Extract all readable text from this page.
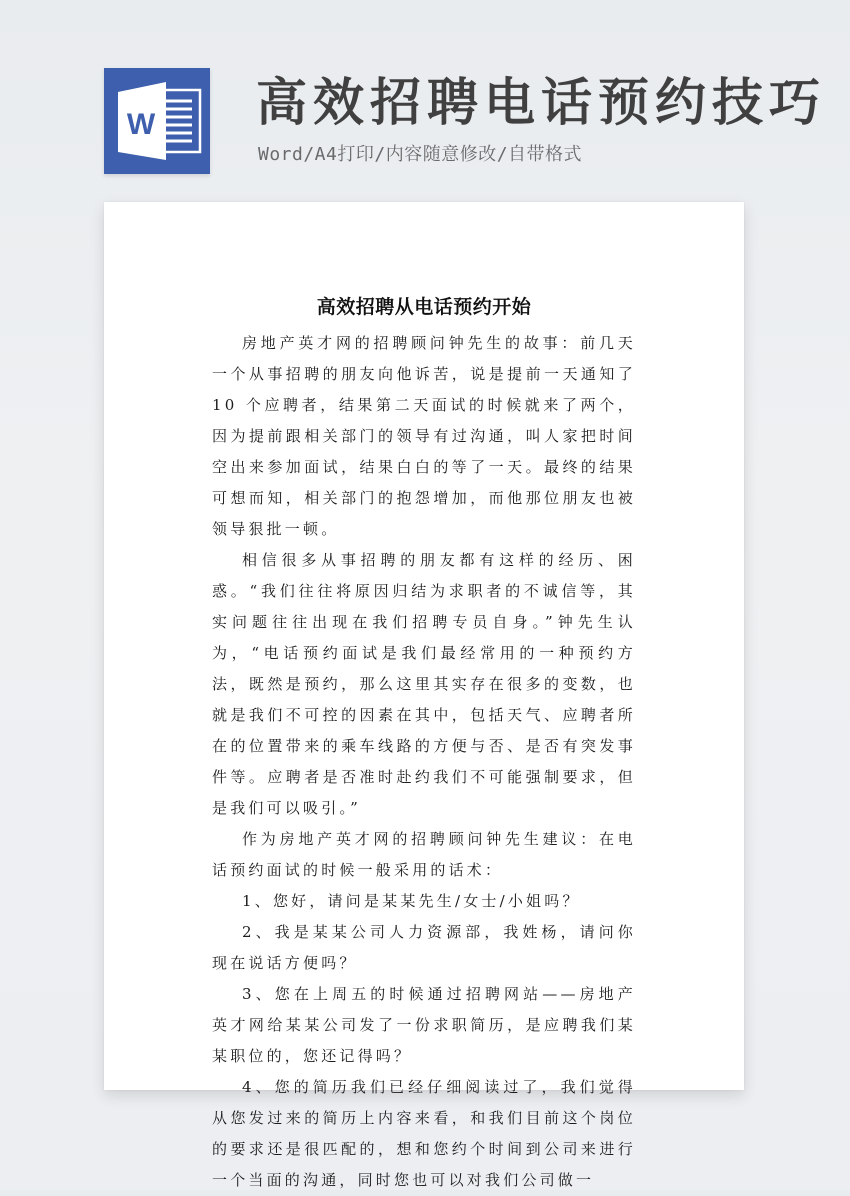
W 高效招聘电话预约技巧
Word/A4打印/内容随意修改/自带格式
高效招聘从电话预约开始

房地产英才网的招聘顾问钟先生的故事：前几天一个从事招聘的朋友向他诉苦，说是提前一天通知了 10 个应聘者，结果第二天面试的时候就来了两个，因为提前跟相关部门的领导有过沟通，叫人家把时间空出来参加面试，结果白白的等了一天。最终的结果可想而知，相关部门的抱怨增加，而他那位朋友也被领导狠批一顿。

相信很多从事招聘的朋友都有这样的经历、困惑。“我们往往将原因归结为求职者的不诚信等，其实问题往往出现在我们招聘专员自身。”钟先生认为，“电话预约面试是我们最经常用的一种预约方法，既然是预约，那么这里其实存在很多的变数，也就是我们不可控的因素在其中，包括天气、应聘者所在的位置带来的乘车线路的方便与否、是否有突发事件等。应聘者是否准时赴约我们不可能强制要求，但是我们可以吸引。”

作为房地产英才网的招聘顾问钟先生建议：在电话预约面试的时候一般采用的话术：

1、您好，请问是某某先生/女士/小姐吗？

2、我是某某公司人力资源部，我姓杨，请问你现在说话方便吗？

3、您在上周五的时候通过招聘网站——房地产英才网给某某公司发了一份求职简历，是应聘我们某某职位的，您还记得吗？

4、您的简历我们已经仔细阅读过了，我们觉得从您发过来的简历上内容来看，和我们目前这个岗位的要求还是很匹配的，想和您约个时间到公司来进行一个当面的沟通，同时您也可以对我们公司做一
